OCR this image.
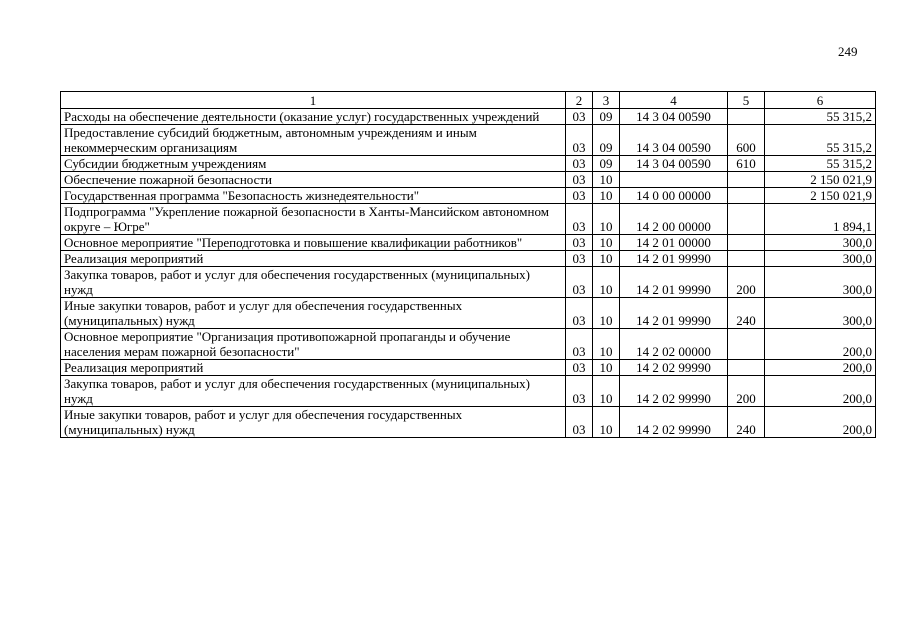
249
1	2	3	4	5	6
Расходы на обеспечение деятельности (оказание услуг) государственных учреждений	03	09	14 3 04 00590		55 315,2
Предоставление субсидий бюджетным, автономным учреждениям и иным некоммерческим организациям	03	09	14 3 04 00590	600	55 315,2
Субсидии бюджетным учреждениям	03	09	14 3 04 00590	610	55 315,2
Обеспечение пожарной безопасности	03	10			2 150 021,9
Государственная программа "Безопасность жизнедеятельности"	03	10	14 0 00 00000		2 150 021,9
Подпрограмма "Укрепление пожарной безопасности в Ханты-Мансийском автономном округе – Югре"	03	10	14 2 00 00000		1 894,1
Основное мероприятие "Переподготовка и повышение квалификации работников"	03	10	14 2 01 00000		300,0
Реализация мероприятий	03	10	14 2 01 99990		300,0
Закупка товаров, работ и услуг для обеспечения государственных (муниципальных) нужд	03	10	14 2 01 99990	200	300,0
Иные закупки товаров, работ и услуг для обеспечения государственных (муниципальных) нужд	03	10	14 2 01 99990	240	300,0
Основное мероприятие "Организация противопожарной пропаганды и обучение населения мерам пожарной безопасности"	03	10	14 2 02 00000		200,0
Реализация мероприятий	03	10	14 2 02 99990		200,0
Закупка товаров, работ и услуг для обеспечения государственных (муниципальных) нужд	03	10	14 2 02 99990	200	200,0
Иные закупки товаров, работ и услуг для обеспечения государственных (муниципальных) нужд	03	10	14 2 02 99990	240	200,0
